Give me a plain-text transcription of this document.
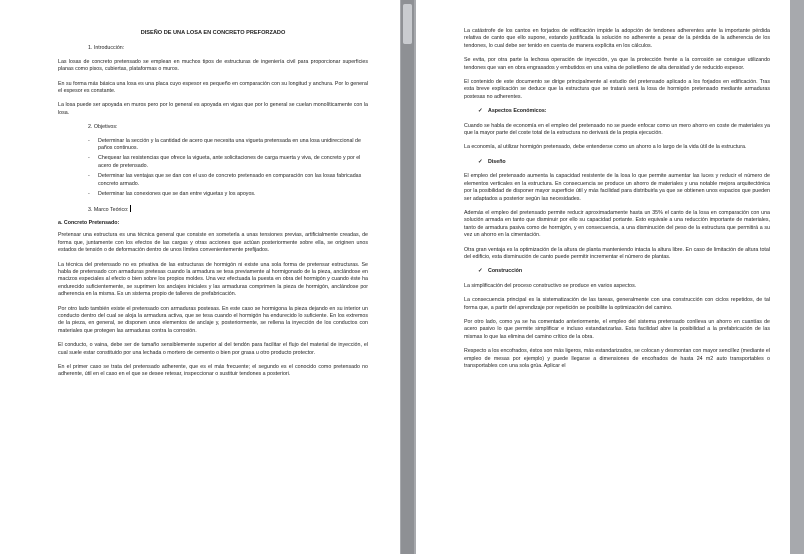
DISEÑO DE UNA LOSA EN CONCRETO PREFORZADO
1. Introducción:

Las losas de concreto pretensado se emplean en muchos tipos de estructuras de ingeniería civil para proporcionar superficies planas como pisos, cubiertas, plataformas o muros.

En su forma más básica una losa es una placa cuyo espesor es pequeño en comparación con su longitud y anchura. Por lo general el espesor es constante.

La losa puede ser apoyada en muros pero por lo general es apoyada en vigas que por lo general se cuelan monolíticamente con la losa.

2. Objetivos:
- Determinar la sección y la cantidad de acero que necesita una vigueta pretensada en una losa unidireccional de paños continuos.
- Chequear las resistencias que ofrece la vigueta, ante solicitaciones de carga muerta y viva, de concreto y por el acero de pretensado.
- Determinar las ventajas que se dan con el uso de concreto pretensado en comparación con las losas fabricadas concreto armado.
- Determinar las conexiones que se dan entre viguetas y los apoyos.
3. Marco Teórico:
a. Concreto Pretensado:

Pretensar una estructura es una técnica general que consiste en someterla a unas tensiones previas, artificialmente creadas, de forma que, juntamente con los efectos de las cargas y otras acciones que actúan posteriormente sobre ella, se originen unos estados de tensión o de deformación dentro de unos límites convenientemente prefijados.

La técnica del pretensado no es privativa de las estructuras de hormigón ni existe una sola forma de pretensar estructuras. Se habla de pretensado con armaduras pretesas cuando la armadura se tesa previamente al hormigonado de la pieza, anclándose en macizos especiales al efecto o bien sobre los propios moldes. Una vez efectuada la puesta en obra del hormigón y cuando éste ha endurecido suficientemente, se suprimen los anclajes iniciales y las armaduras comprimen la pieza de hormigón, anclándose por adherencia en la misma. Es un sistema propio de talleres de prefabricación.

Por otro lado también existe el pretensado con armaduras postesas. En este caso se hormigona la pieza dejando en su interior un conducto dentro del cual se aloja la armadura activa, que se tesa cuando el hormigón ha endurecido lo suficiente. En los extremos de la pieza, en general, se disponen unos elementos de anclaje y, posteriormente, se rellena la inyección de los conductos con materiales que protegen las armaduras contra la corrosión.

El conducto, o vaina, debe ser de tamaño sensiblemente superior al del tendón para facilitar el flujo del material de inyección, el cual suele estar constituido por una lechada o mortero de cemento o bien por grasa u otro producto protector.

En el primer caso se trata del pretensado adherente, que es el más frecuente; el segundo es el conocido como pretensado no adherente, útil en el caso en el que se desee retesar, inspeccionar o sustituir tendones a posteriori.

La catástrofe de los cantos en forjados de edificación impide la adopción de tendones adherentes ante la importante pérdida relativa de canto que ello supone, estando justificada la solución no adherente a pesar de la pérdida de la adherencia de los tendones, lo cual debe ser tenido en cuenta de manera explícita en los cálculos.

Se evita, por otra parte la lechosa operación de inyección, ya que la protección frente a la corrosión se consigue utilizando tendones que van en obra engrasados y embutidos en una vaina de polietileno de alta densidad y de reducido espesor.

El contenido de este documento se dirige principalmente al estudio del pretensado aplicado a los forjados en edificación. Tras esta breve explicación se deduce que la estructura que se tratará será la losa de hormigón pretensado mediante armaduras postesas no adherentes.

✓ Aspectos Económicos:

Cuando se habla de economía en el empleo del pretensado no se puede enfocar como un mero ahorro en coste de materiales ya que la mayor parte del coste total de la estructura no derivará de la propia ejecución.

La economía, al utilizar hormigón pretensado, debe entenderse como un ahorro a lo largo de la vida útil de la estructura.

✓ Diseño

El empleo del pretensado aumenta la capacidad resistente de la losa lo que permite aumentar las luces y reducir el número de elementos verticales en la estructura. En consecuencia se produce un ahorro de materiales y una notable mejora arquitectónica por la posibilidad de disponer mayor superficie útil y más facilidad para distribuirla ya que se obtienen unos espacios que pueden ser adaptados a posterior según las necesidades.

Además el empleo del pretensado permite reducir aproximadamente hasta un 35% el canto de la losa en comparación con una solución armada en tanto que disminuir por ello su capacidad portante. Esto equivale a una reducción importante de materiales, tanto de armadura pasiva como de hormigón, y en consecuencia, a una disminución del peso de la estructura que permitirá a su vez un ahorro en la cimentación.

Otra gran ventaja es la optimización de la altura de planta manteniendo intacta la altura libre. En caso de limitación de altura total del edificio, esta disminución de canto puede permitir incrementar el número de plantas.

✓ Construcción

La simplificación del proceso constructivo se produce en varios aspectos.

La consecuencia principal es la sistematización de las tareas, generalmente con una construcción con ciclos repetidos, de tal forma que, a partir del aprendizaje por repetición se posibilite la optimización del camino.

Por otro lado, como ya se ha comentado anteriormente, el empleo del sistema pretensado conlleva un ahorro en cuantías de acero pasivo lo que permite simplificar e incluso estandarizarlas. Esta facilidad abre la posibilidad a la prefabricación de las mismas lo que las elimina del camino crítico de la obra.

Respecto a los encofrados, éstos son más ligeros, más estandarizados, se colocan y desmontan con mayor sencillez (mediante el empleo de mesas por ejemplo) y puede llegarse a dimensiones de encofrados de hasta 24 m2 auto transportables o transportables con una sola grúa. Aplicar el
